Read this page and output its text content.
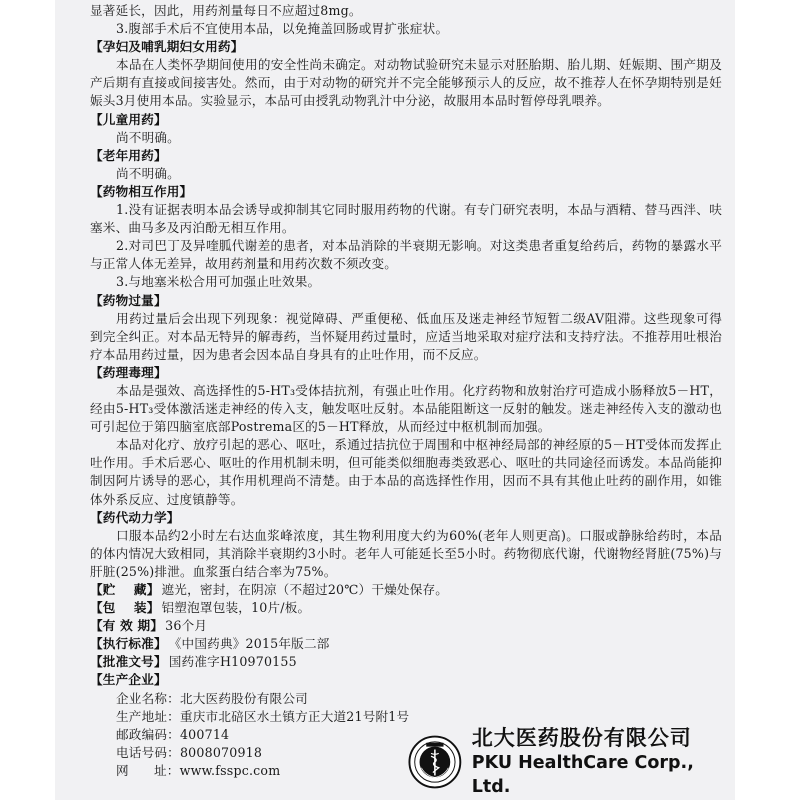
显著延长，因此，用药剂量每日不应超过8mg。

3.腹部手术后不宜使用本品，以免掩盖回肠或胃扩张症状。

【孕妇及哺乳期妇女用药】

本品在人类怀孕期间使用的安全性尚未确定。对动物试验研究未显示对胚胎期、胎儿期、妊娠期、围产期及产后期有直接或间接害处。然而，由于对动物的研究并不完全能够预示人的反应，故不推荐人在怀孕期特别是妊娠头3月使用本品。实验显示，本品可由授乳动物乳汁中分泌，故服用本品时暂停母乳喂养。

【儿童用药】

尚不明确。

【老年用药】

尚不明确。

【药物相互作用】

1.没有证据表明本品会诱导或抑制其它同时服用药物的代谢。有专门研究表明，本品与酒精、替马西泮、呋塞米、曲马多及丙泊酚无相互作用。

2.对司巴丁及异喹胍代谢差的患者，对本品消除的半衰期无影响。对这类患者重复给药后，药物的暴露水平与正常人体无差异，故用药剂量和用药次数不须改变。

3.与地塞米松合用可加强止吐效果。

【药物过量】

用药过量后会出现下列现象：视觉障碍、严重便秘、低血压及迷走神经节短暂二级AV阻滞。这些现象可得到完全纠正。对本品无特异的解毒药，当怀疑用药过量时，应适当地采取对症疗法和支持疗法。不推荐用吐根治疗本品用药过量，因为患者会因本品自身具有的止吐作用，而不反应。

【药理毒理】

本品是强效、高选择性的5-HT₃受体拮抗剂，有强止吐作用。化疗药物和放射治疗可造成小肠释放5－HT，经由5-HT₃受体激活迷走神经的传入支，触发呕吐反射。本品能阻断这一反射的触发。迷走神经传入支的激动也可引起位于第四脑室底部Postrema区的5－HT释放，从而经过中枢机制而加强。

本品对化疗、放疗引起的恶心、呕吐，系通过拮抗位于周围和中枢神经局部的神经原的5－HT受体而发挥止吐作用。手术后恶心、呕吐的作用机制未明，但可能类似细胞毒类致恶心、呕吐的共同途径而诱发。本品尚能抑制因阿片诱导的恶心，其作用机理尚不清楚。由于本品的高选择性作用，因而不具有其他止吐药的副作用，如锥体外系反应、过度镇静等。

【药代动力学】

口服本品约2小时左右达血浆峰浓度，其生物利用度大约为60%(老年人则更高)。口服或静脉给药时，本品的体内情况大致相同，其消除半衰期约3小时。老年人可能延长至5小时。药物彻底代谢，代谢物经肾脏(75%)与肝脏(25%)排泄。血浆蛋白结合率为75%。

【贮    藏】 遮光，密封，在阴凉（不超过20℃）干燥处保存。
【包    装】 铝塑泡罩包装，10片/板。
【有 效 期】 36个月
【执行标准】 《中国药典》2015年版二部
【批准文号】 国药准字H10970155

【生产企业】

企业名称： 北大医药股份有限公司
生产地址： 重庆市北碚区水土镇方正大道21号附1号
邮政编码： 400714
电话号码： 8008070918
网      址： www.fsspc.com
北大医药股份有限公司
PKU HealthCare Corp., Ltd.
